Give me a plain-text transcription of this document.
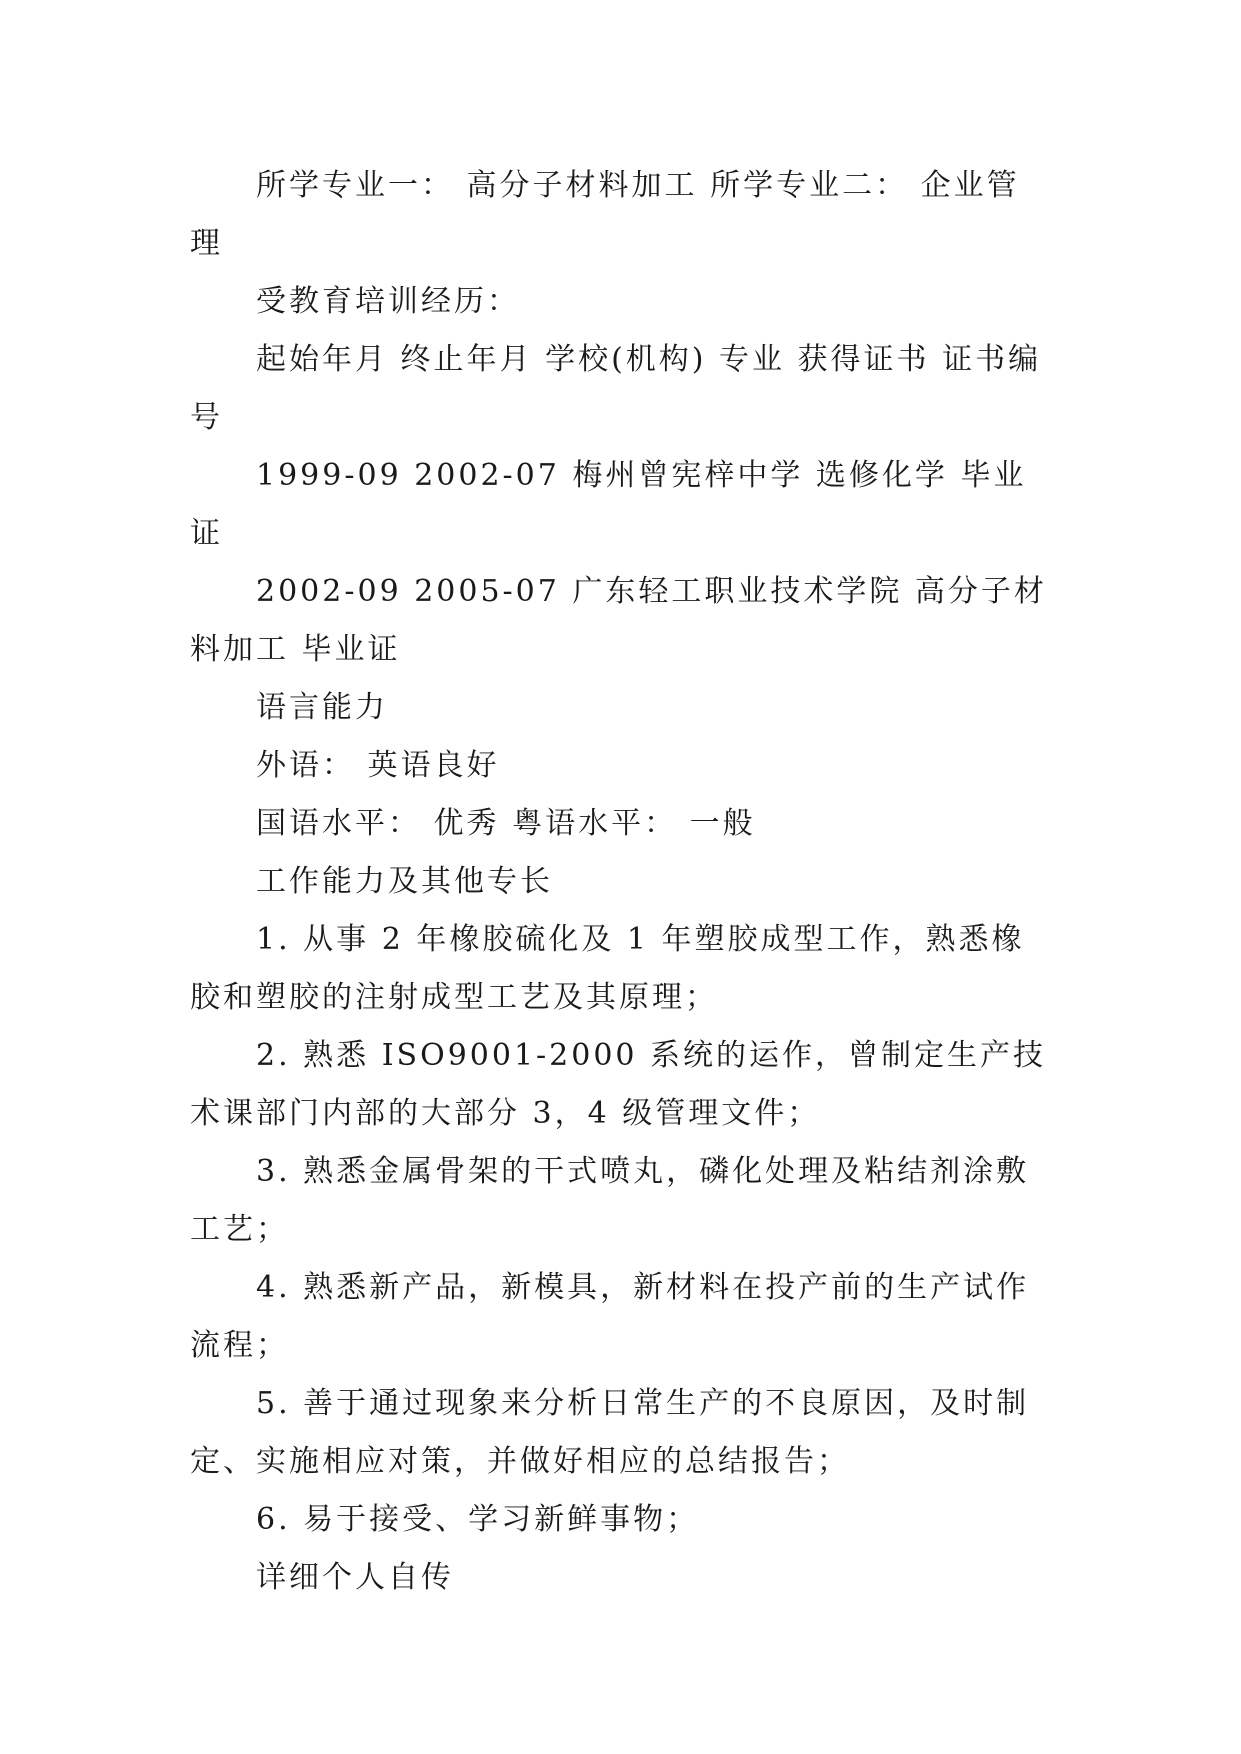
所学专业一： 高分子材料加工 所学专业二： 企业管理

受教育培训经历：

起始年月 终止年月 学校(机构) 专业 获得证书 证书编号

1999-09 2002-07 梅州曾宪梓中学 选修化学 毕业证

2002-09 2005-07 广东轻工职业技术学院 高分子材料加工 毕业证

语言能力

外语： 英语良好

国语水平： 优秀 粤语水平： 一般

工作能力及其他专长

1. 从事 2 年橡胶硫化及 1 年塑胶成型工作，熟悉橡胶和塑胶的注射成型工艺及其原理；

2. 熟悉 ISO9001-2000 系统的运作，曾制定生产技术课部门内部的大部分 3，4 级管理文件；

3. 熟悉金属骨架的干式喷丸，磷化处理及粘结剂涂敷工艺；

4. 熟悉新产品，新模具，新材料在投产前的生产试作流程；

5. 善于通过现象来分析日常生产的不良原因，及时制定、实施相应对策，并做好相应的总结报告；

6. 易于接受、学习新鲜事物；

详细个人自传
